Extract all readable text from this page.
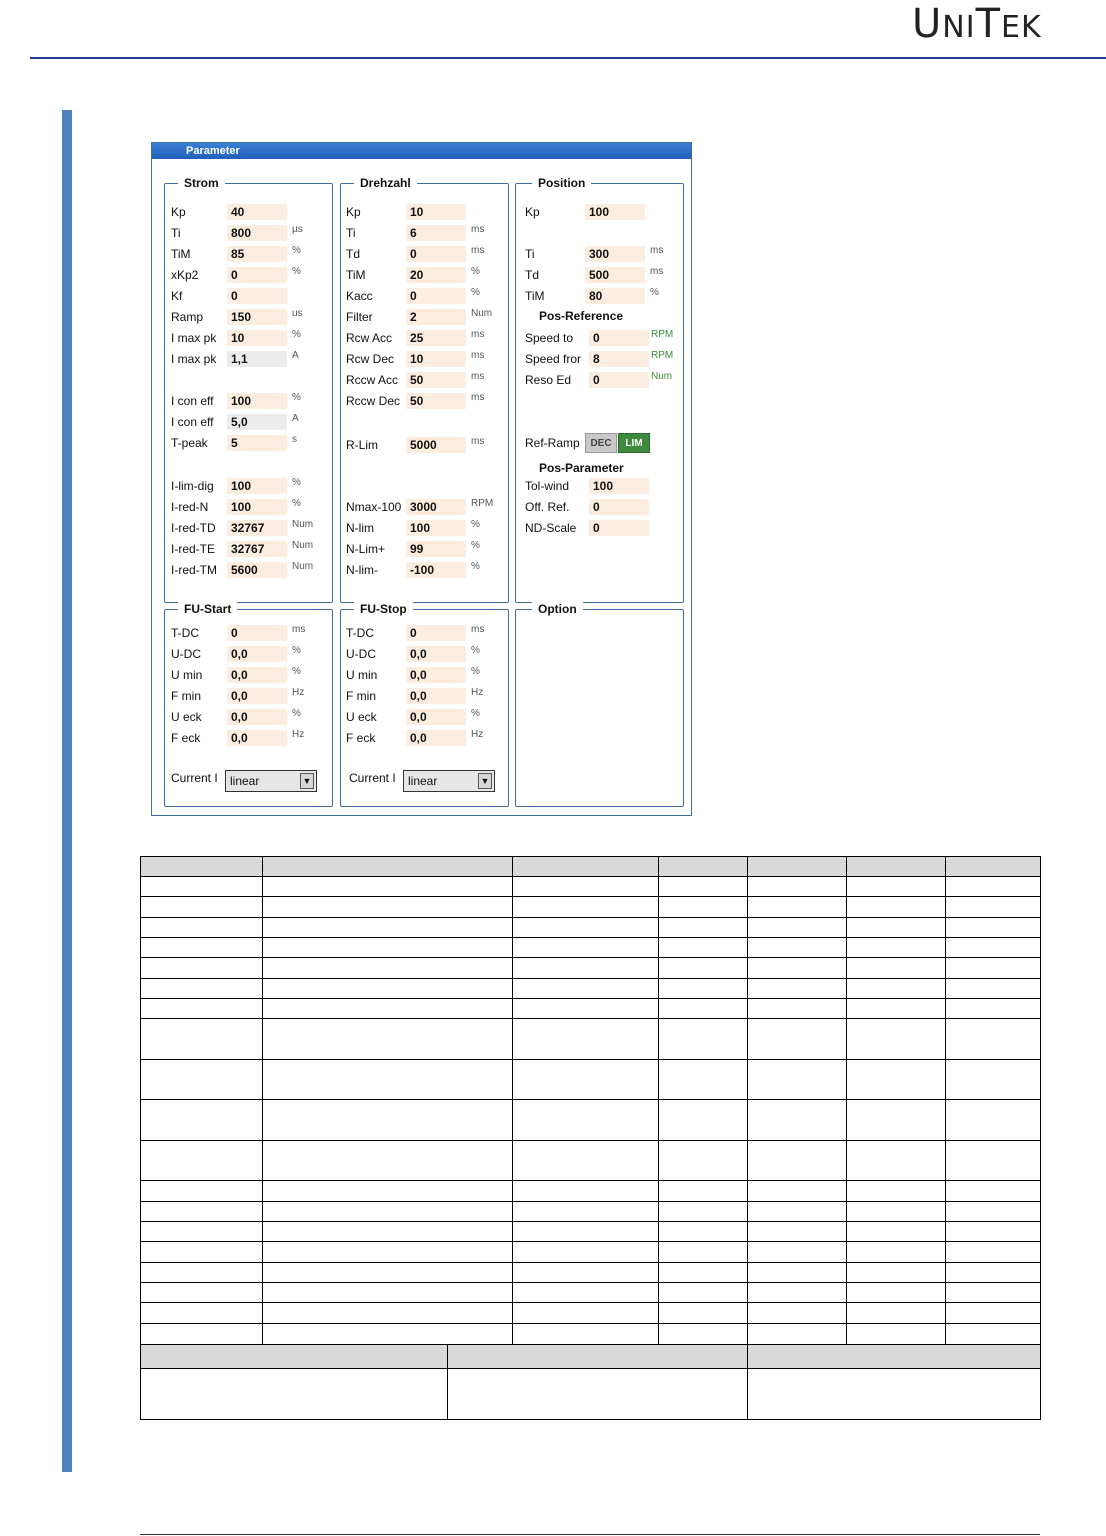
UNITEK
Parameter
Strom	Drehzahl	Position
FU-Start	FU-Stop	Option
Kp	40
Ti	800	µs
TiM	85	%
xKp2	0	%
Kf	0
Ramp	150	us
I max pk	10	%
I max pk	1,1	A
I con eff	100	%
I con eff	5,0	A
T-peak	5	s
I-lim-dig	100	%
I-red-N	100	%
I-red-TD	32767	Num
I-red-TE	32767	Num
I-red-TM	5600	Num
Kp	10
Ti	6	ms
Td	0	ms
TiM	20	%
Kacc	0	%
Filter	2	Num
Rcw Acc	25	ms
Rcw Dec	10	ms
Rccw Acc 50	ms
Rccw Dec 50	ms
R-Lim	5000	ms
Nmax-100 3000	RPM
N-lim	100	%
N-Lim+	99	%
N-lim-	-100	%
Kp	100
Ti	300	ms
Td	500	ms
TiM	80	%
Pos-Reference
Speed to	0	RPM
Speed fror 8	RPM
Reso Ed	0	Num
Ref-Ramp	DEC	LIM
Pos-Parameter
Tol-wind	100
Off. Ref.	0
ND-Scale	0
T-DC	0	ms
U-DC	0,0	%
U min	0,0	%
F min	0,0	Hz
U eck	0,0	%
F eck	0,0	Hz
Current I linear	▼
T-DC	0	ms
U-DC	0,0	%
U min	0,0	%
F min	0,0	Hz
U eck	0,0	%
F eck	0,0	Hz
Current I linear	▼
